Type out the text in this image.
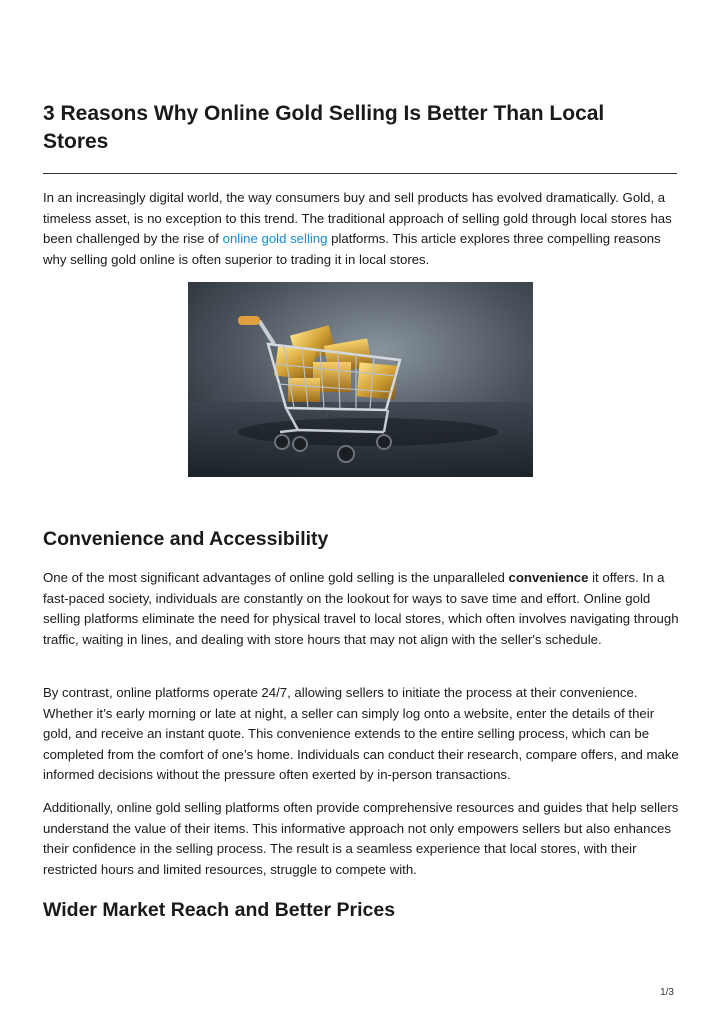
3 Reasons Why Online Gold Selling Is Better Than Local Stores

In an increasingly digital world, the way consumers buy and sell products has evolved dramatically. Gold, a timeless asset, is no exception to this trend. The traditional approach of selling gold through local stores has been challenged by the rise of online gold selling platforms. This article explores three compelling reasons why selling gold online is often superior to trading it in local stores.

Convenience and Accessibility

One of the most significant advantages of online gold selling is the unparalleled convenience it offers. In a fast-paced society, individuals are constantly on the lookout for ways to save time and effort. Online gold selling platforms eliminate the need for physical travel to local stores, which often involves navigating through traffic, waiting in lines, and dealing with store hours that may not align with the seller's schedule.

By contrast, online platforms operate 24/7, allowing sellers to initiate the process at their convenience. Whether it’s early morning or late at night, a seller can simply log onto a website, enter the details of their gold, and receive an instant quote. This convenience extends to the entire selling process, which can be completed from the comfort of one’s home. Individuals can conduct their research, compare offers, and make informed decisions without the pressure often exerted by in-person transactions.

Additionally, online gold selling platforms often provide comprehensive resources and guides that help sellers understand the value of their items. This informative approach not only empowers sellers but also enhances their confidence in the selling process. The result is a seamless experience that local stores, with their restricted hours and limited resources, struggle to compete with.

Wider Market Reach and Better Prices
1/3
